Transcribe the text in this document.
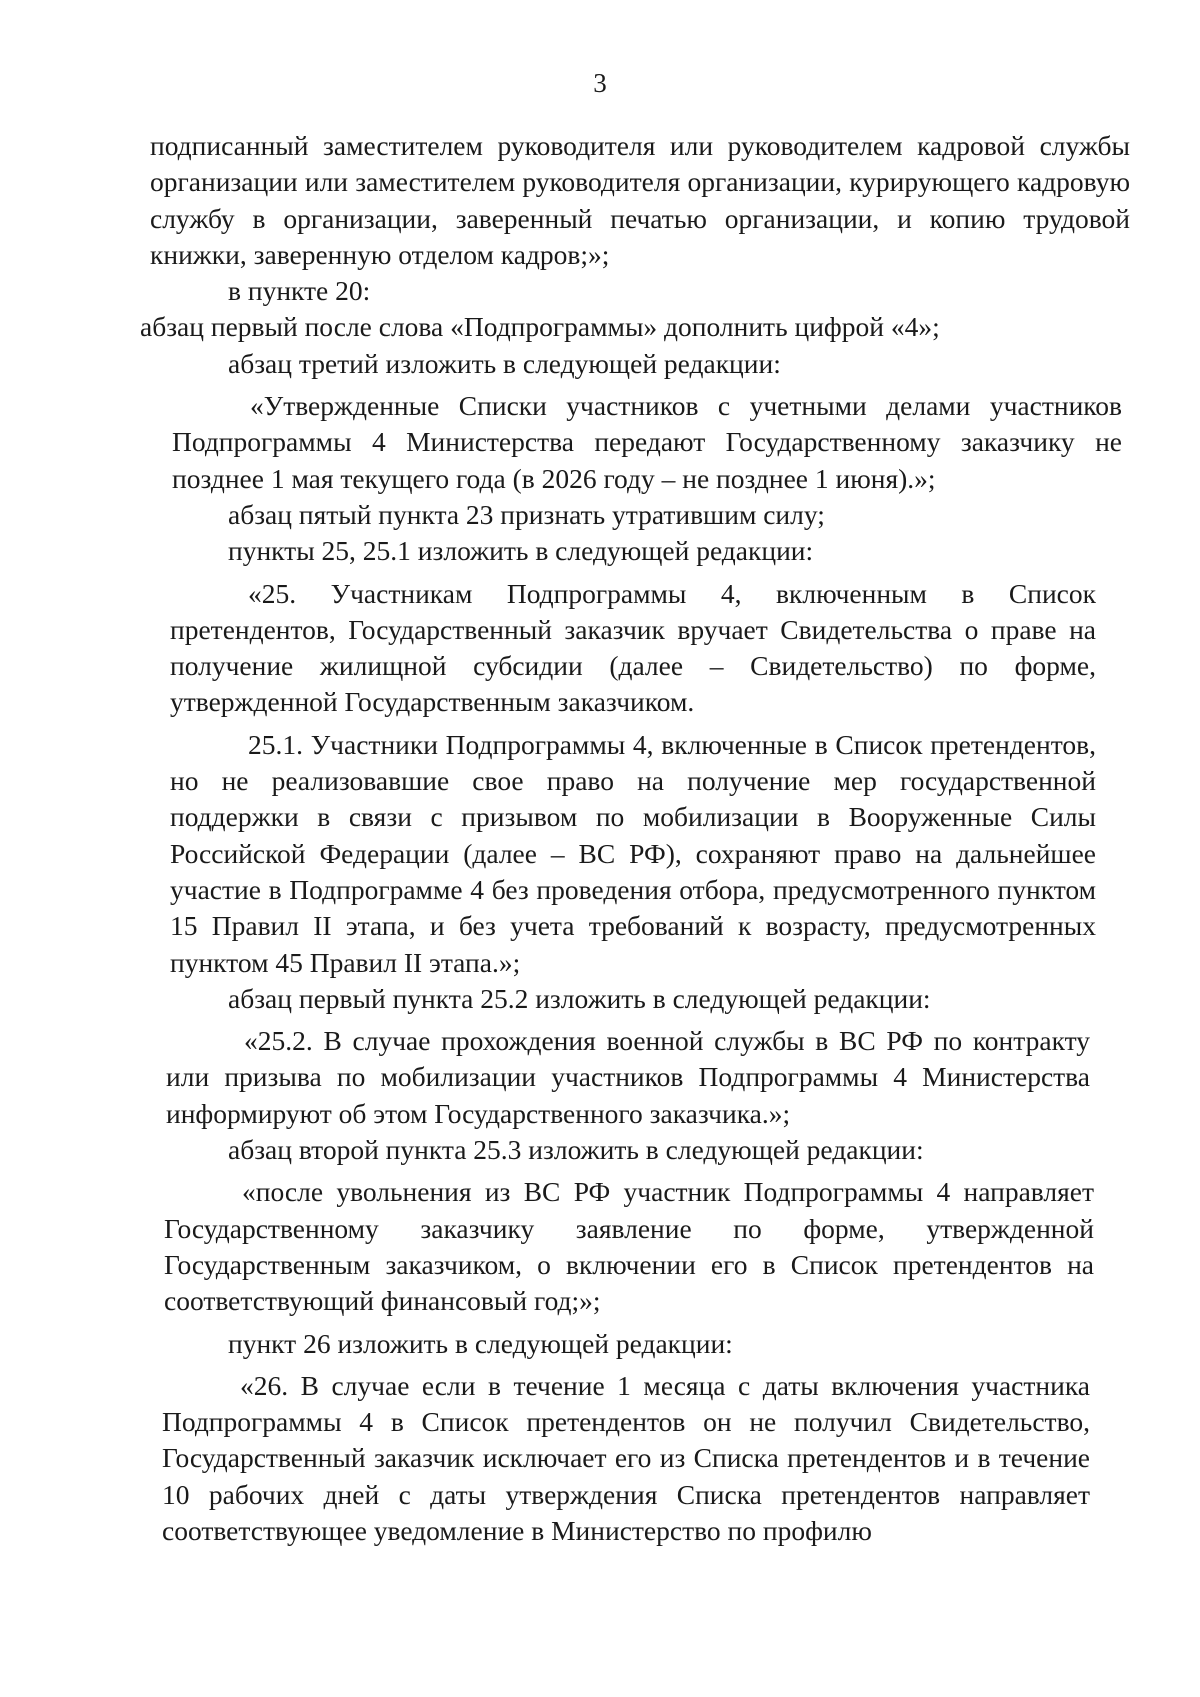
3

подписанный заместителем руководителя или руководителем кадровой службы организации или заместителем руководителя организации, курирующего кадровую службу в организации, заверенный печатью организации, и копию трудовой книжки, заверенную отделом кадров;»;

в пункте 20:

абзац первый после слова «Подпрограммы» дополнить цифрой «4»;

абзац третий изложить в следующей редакции:

«Утвержденные Списки участников с учетными делами участников Подпрограммы 4 Министерства передают Государственному заказчику не позднее 1 мая текущего года (в 2026 году – не позднее 1 июня).»;

абзац пятый пункта 23 признать утратившим силу;

пункты 25, 25.1 изложить в следующей редакции:

«25. Участникам Подпрограммы 4, включенным в Список претендентов, Государственный заказчик вручает Свидетельства о праве на получение жилищной субсидии (далее – Свидетельство) по форме, утвержденной Государственным заказчиком.

25.1. Участники Подпрограммы 4, включенные в Список претендентов, но не реализовавшие свое право на получение мер государственной поддержки в связи с призывом по мобилизации в Вооруженные Силы Российской Федерации (далее – ВС РФ), сохраняют право на дальнейшее участие в Подпрограмме 4 без проведения отбора, предусмотренного пунктом 15 Правил II этапа, и без учета требований к возрасту, предусмотренных пунктом 45 Правил II этапа.»;

абзац первый пункта 25.2 изложить в следующей редакции:

«25.2. В случае прохождения военной службы в ВС РФ по контракту или призыва по мобилизации участников Подпрограммы 4 Министерства информируют об этом Государственного заказчика.»;

абзац второй пункта 25.3 изложить в следующей редакции:

«после увольнения из ВС РФ участник Подпрограммы 4 направляет Государственному заказчику заявление по форме, утвержденной Государственным заказчиком, о включении его в Список претендентов на соответствующий финансовый год;»;

пункт 26 изложить в следующей редакции:

«26. В случае если в течение 1 месяца с даты включения участника Подпрограммы 4 в Список претендентов он не получил Свидетельство, Государственный заказчик исключает его из Списка претендентов и в течение 10 рабочих дней с даты утверждения Списка претендентов направляет соответствующее уведомление в Министерство по профилю
